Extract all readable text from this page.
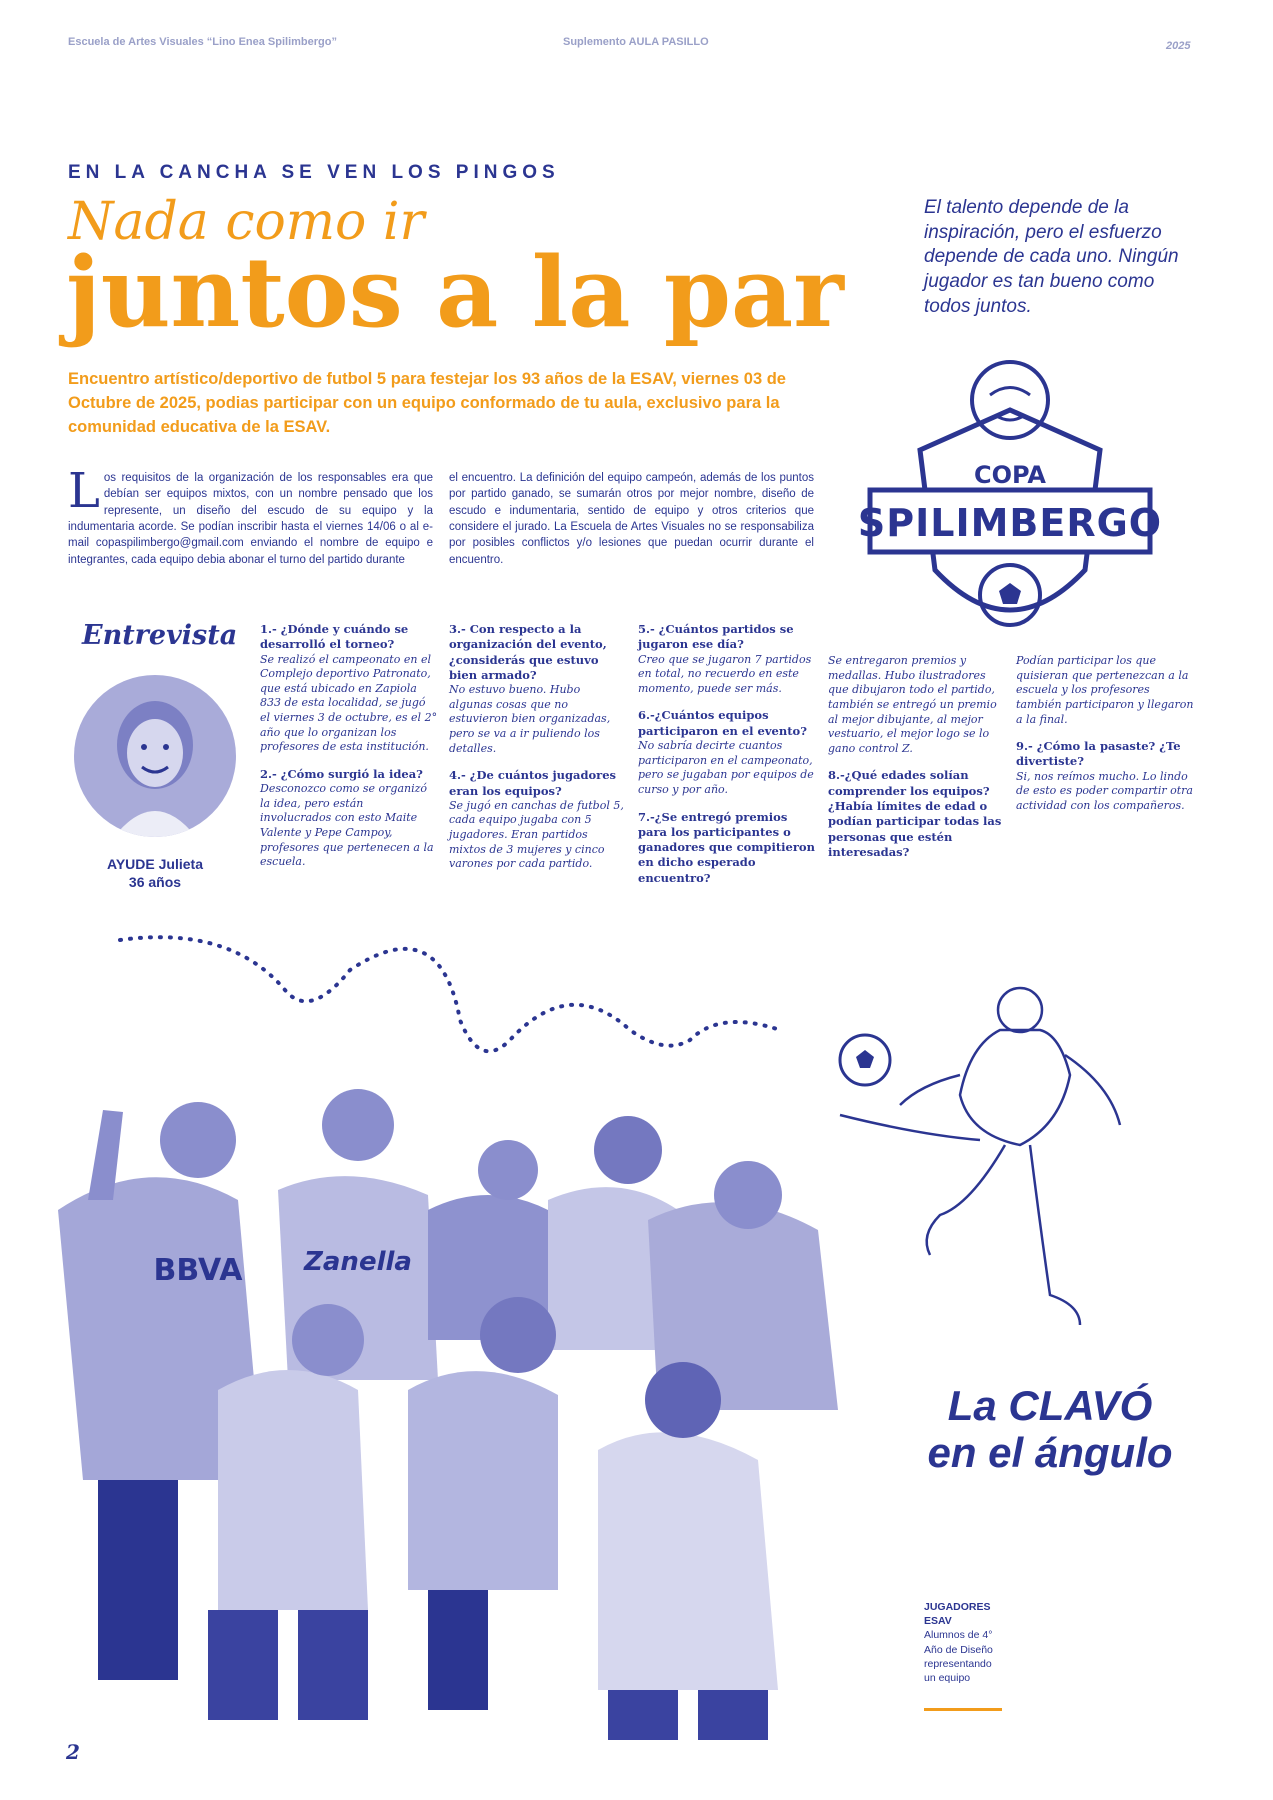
Escuela de Artes Visuales “Lino Enea Spilimbergo”	Suplemento AULA PASILLO	2025
EN LA CANCHA SE VEN LOS PINGOS
Nada como ir
juntos a la par
Encuentro artístico/deportivo de futbol 5 para festejar los 93 años de la ESAV, viernes 03 de Octubre de 2025, podias participar con un equipo conformado de tu aula, exclusivo para la comunidad educativa de la ESAV.
Los requisitos de la organización de los responsables era que debían ser equipos mixtos, con un nombre pensado que los represente, un diseño del escudo de su equipo y la indumentaria acorde. Se podían inscribir hasta el viernes 14/06 o al e-mail copaspilimbergo@gmail.com enviando el nombre de equipo e integrantes, cada equipo debia abonar el turno del partido durante
el encuentro. La definición del equipo campeón, además de los puntos por partido ganado, se sumarán otros por mejor nombre, diseño de escudo e indumentaria, sentido de equipo y otros criterios que considere el jurado. La Escuela de Artes Visuales no se responsabiliza por posibles conflictos y/o lesiones que puedan ocurrir durante el encuentro.
El talento depende de la inspiración, pero el esfuerzo depende de cada uno. Ningún jugador es tan bueno como todos juntos.
COPA
SPILIMBERGO
Entrevista
AYUDE Julieta
36 años
1.- ¿Dónde y cuándo se desarrolló el torneo?
Se realizó el campeonato en el Complejo deportivo Patronato, que está ubicado en Zapiola 833 de esta localidad, se jugó el viernes 3 de octubre, es el 2° año que lo organizan los profesores de esta institución.
2.- ¿Cómo surgió la idea?
Desconozco como se organizó la idea, pero están involucrados con esto Maite Valente y Pepe Campoy, profesores que pertenecen a la escuela.
3.- Con respecto a la organización del evento, ¿considerás que estuvo bien armado?
No estuvo bueno. Hubo algunas cosas que no estuvieron bien organizadas, pero se va a ir puliendo los detalles.
4.- ¿De cuántos jugadores eran los equipos?
Se jugó en canchas de futbol 5, cada equipo jugaba con 5 jugadores. Eran partidos mixtos de 3 mujeres y cinco varones por cada partido.
5.- ¿Cuántos partidos se jugaron ese día?
Creo que se jugaron 7 partidos en total, no recuerdo en este momento, puede ser más.
6.-¿Cuántos equipos participaron en el evento?
No sabría decirte cuantos participaron en el campeonato, pero se jugaban por equipos de curso y por año.
7.-¿Se entregó premios para los participantes o ganadores que compitieron en dicho esperado encuentro?
Se entregaron premios y medallas. Hubo ilustradores que dibujaron todo el partido, también se entregó un premio al mejor dibujante, al mejor vestuario, el mejor logo se lo gano control Z.
8.-¿Qué edades solían comprender los equipos? ¿Había límites de edad o podían participar todas las personas que estén interesadas?
Podían participar los que quisieran que pertenezcan a la escuela y los profesores también participaron y llegaron a la final.
9.- ¿Cómo la pasaste? ¿Te divertiste?
Si, nos reímos mucho. Lo lindo de esto es poder compartir otra actividad con los compañeros.
BBVA Zanella
La CLAVÓ
en el ángulo
JUGADORES
ESAV
Alumnos de 4° Año de Diseño representando un equipo
2
